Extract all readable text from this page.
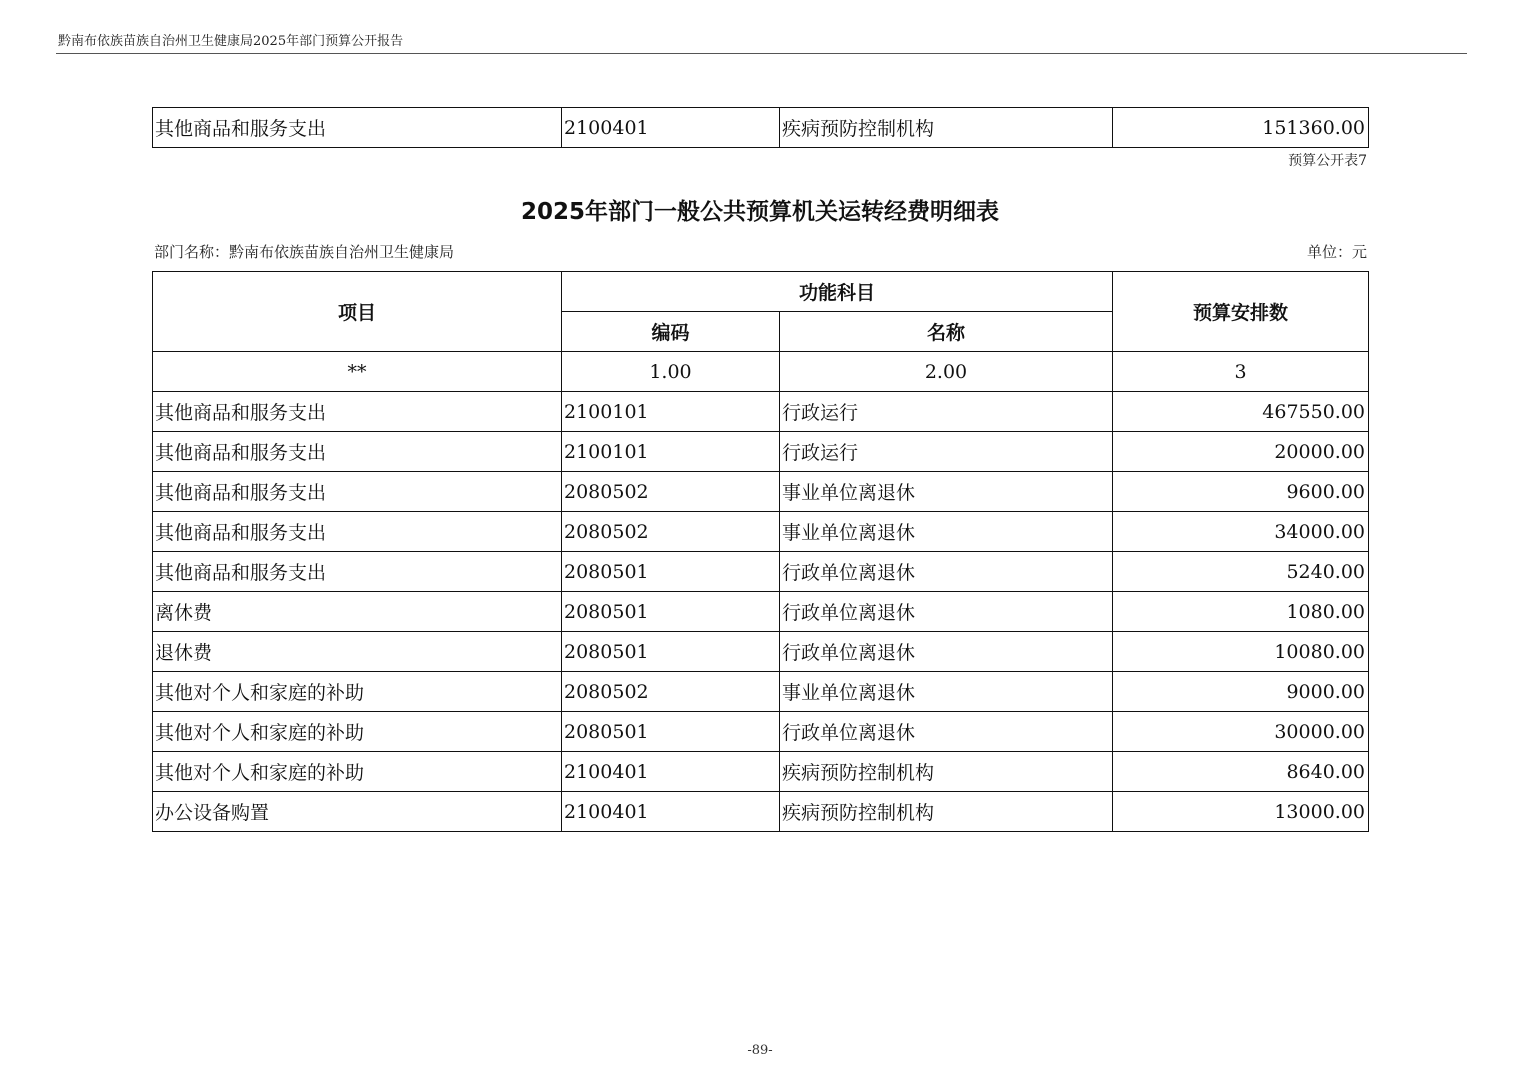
黔南布依族苗族自治州卫生健康局2025年部门预算公开报告
其他商品和服务支出	2100401	疾病预防控制机构	151360.00
预算公开表7
2025年部门一般公共预算机关运转经费明细表
部门名称：黔南布依族苗族自治州卫生健康局	单位：元
项目	功能科目		预算安排数
	编码	名称	
**	1.00	2.00	3
其他商品和服务支出	2100101	行政运行	467550.00
其他商品和服务支出	2100101	行政运行	20000.00
其他商品和服务支出	2080502	事业单位离退休	9600.00
其他商品和服务支出	2080502	事业单位离退休	34000.00
其他商品和服务支出	2080501	行政单位离退休	5240.00
离休费	2080501	行政单位离退休	1080.00
退休费	2080501	行政单位离退休	10080.00
其他对个人和家庭的补助	2080502	事业单位离退休	9000.00
其他对个人和家庭的补助	2080501	行政单位离退休	30000.00
其他对个人和家庭的补助	2100401	疾病预防控制机构	8640.00
办公设备购置	2100401	疾病预防控制机构	13000.00
-89-
